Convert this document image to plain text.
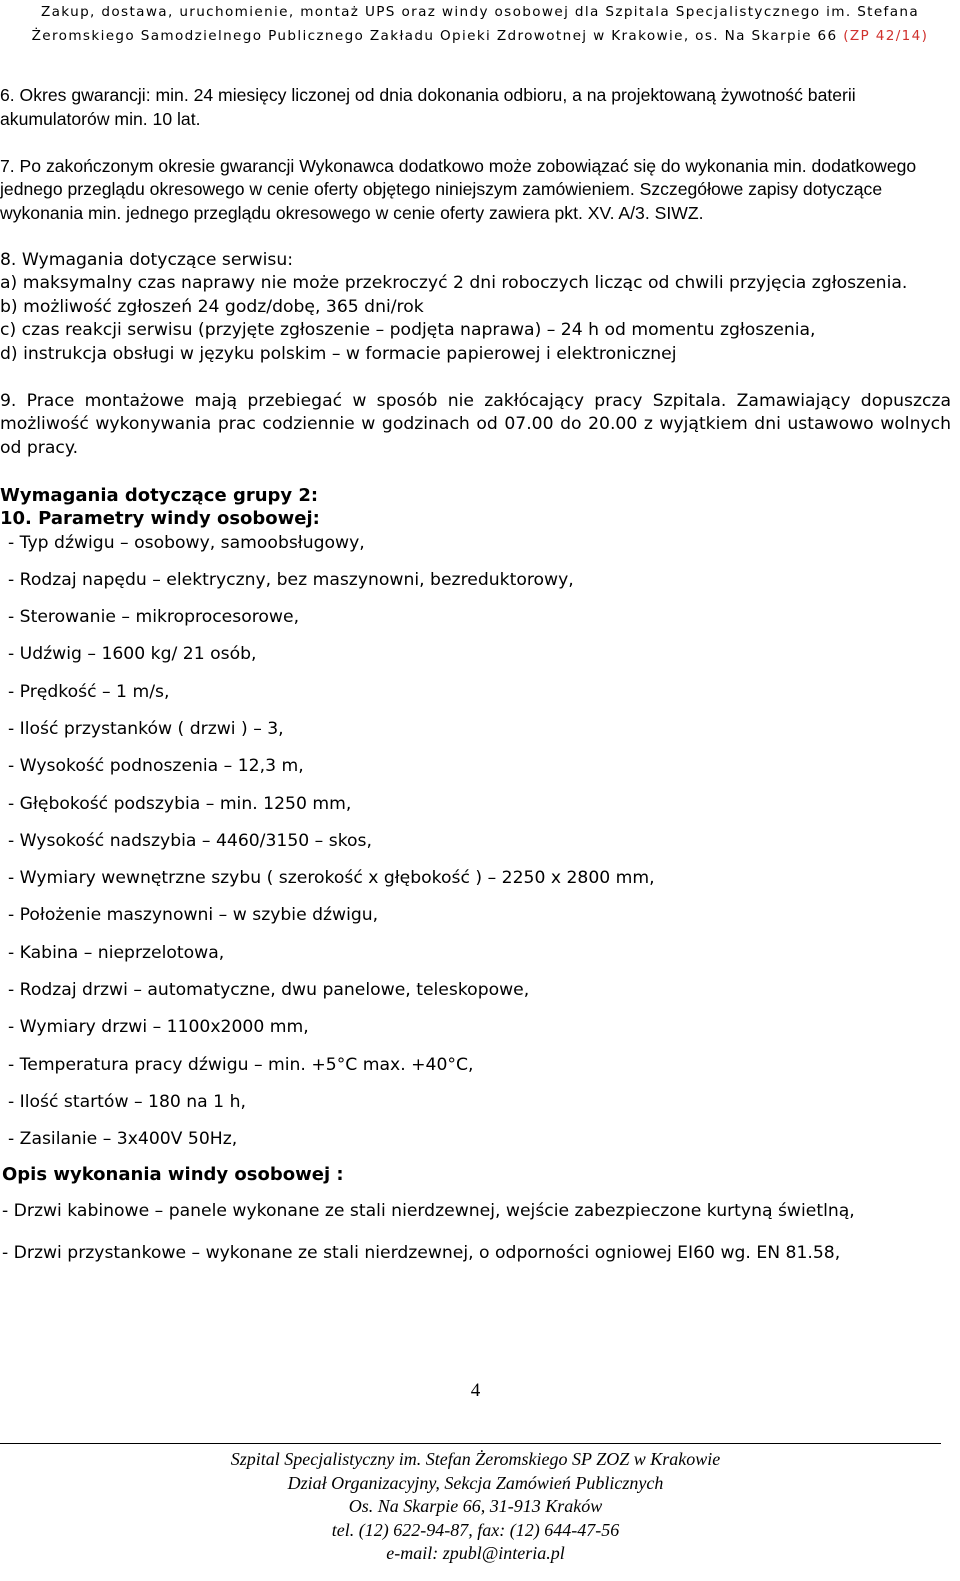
Zakup, dostawa, uruchomienie, montaż UPS oraz windy osobowej dla Szpitala Specjalistycznego im. Stefana
Żeromskiego Samodzielnego Publicznego Zakładu Opieki Zdrowotnej w Krakowie, os. Na Skarpie 66 (ZP 42/14)

6. Okres gwarancji: min. 24 miesięcy liczonej od dnia dokonania odbioru, a na projektowaną żywotność baterii akumulatorów min. 10 lat.

7. Po zakończonym okresie gwarancji Wykonawca dodatkowo może zobowiązać się do wykonania min. dodatkowego jednego przeglądu okresowego w cenie oferty objętego niniejszym zamówieniem. Szczegółowe zapisy dotyczące wykonania min. jednego przeglądu okresowego w cenie oferty zawiera pkt. XV. A/3. SIWZ.

8. Wymagania dotyczące serwisu:

a) maksymalny czas naprawy nie może przekroczyć 2 dni roboczych licząc od chwili przyjęcia zgłoszenia.

b) możliwość zgłoszeń 24 godz/dobę, 365 dni/rok

c) czas reakcji serwisu (przyjęte zgłoszenie – podjęta naprawa) – 24 h od momentu zgłoszenia,

d) instrukcja obsługi w języku polskim – w formacie papierowej i elektronicznej

9. Prace montażowe mają przebiegać w sposób nie zakłócający pracy Szpitala. Zamawiający dopuszcza możliwość wykonywania prac codziennie w godzinach od 07.00 do 20.00 z wyjątkiem dni ustawowo wolnych od pracy.

Wymagania dotyczące grupy 2:

10. Parametry windy osobowej:

- Typ dźwigu – osobowy, samoobsługowy,

- Rodzaj napędu – elektryczny, bez maszynowni, bezreduktorowy,

- Sterowanie – mikroprocesorowe,

- Udźwig – 1600 kg/ 21 osób,

- Prędkość – 1 m/s,

- Ilość przystanków ( drzwi ) – 3,

- Wysokość podnoszenia – 12,3 m,

- Głębokość podszybia – min. 1250 mm,

- Wysokość nadszybia – 4460/3150 – skos,

- Wymiary wewnętrzne szybu ( szerokość x głębokość ) – 2250 x 2800 mm,

- Położenie maszynowni – w szybie dźwigu,

- Kabina – nieprzelotowa,

- Rodzaj drzwi – automatyczne, dwu panelowe, teleskopowe,

- Wymiary drzwi – 1100x2000 mm,

- Temperatura pracy dźwigu – min. +5°C max. +40°C,

- Ilość startów – 180 na 1 h,

- Zasilanie – 3x400V 50Hz,

Opis wykonania windy osobowej :

- Drzwi kabinowe – panele wykonane ze stali nierdzewnej, wejście zabezpieczone kurtyną świetlną,

- Drzwi przystankowe – wykonane ze stali nierdzewnej, o odporności ogniowej EI60 wg. EN 81.58,

4
Szpital Specjalistyczny im. Stefan Żeromskiego SP ZOZ w Krakowie
Dział Organizacyjny, Sekcja Zamówień Publicznych
Os. Na Skarpie 66, 31-913 Kraków
tel. (12) 622-94-87, fax: (12) 644-47-56
e-mail: zpubl@interia.pl
